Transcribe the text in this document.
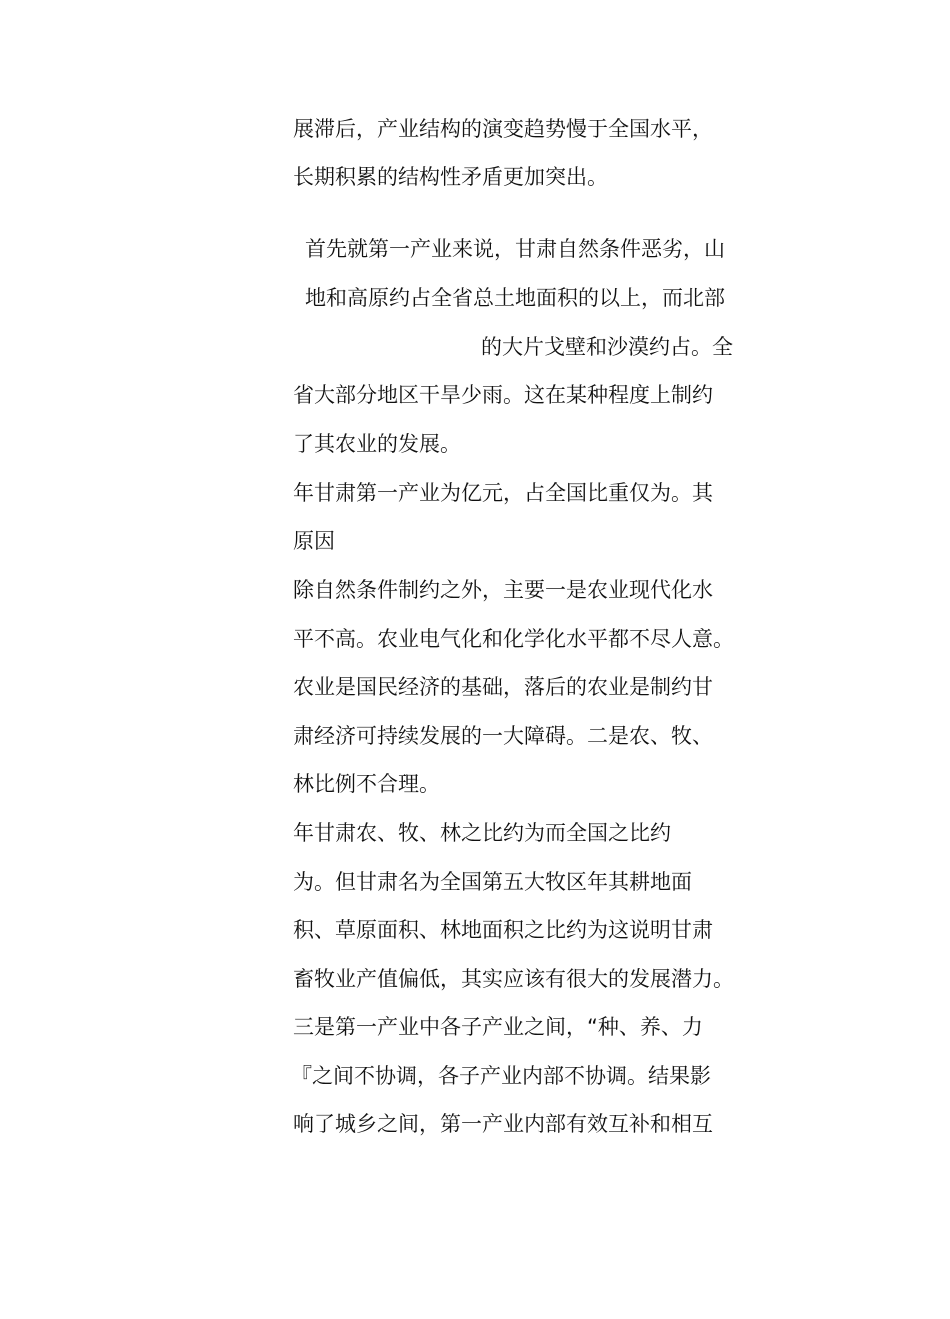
展滞后，产业结构的演变趋势慢于全国水平，
长期积累的结构性矛盾更加突出。
首先就第一产业来说，甘肃自然条件恶劣，山
地和高原约占全省总土地面积的以上，而北部
的大片戈壁和沙漠约占。全
省大部分地区干旱少雨。这在某种程度上制约
了其农业的发展。
年甘肃第一产业为亿元，占全国比重仅为。其
原因
除自然条件制约之外，主要一是农业现代化水
平不高。农业电气化和化学化水平都不尽人意。
农业是国民经济的基础，落后的农业是制约甘
肃经济可持续发展的一大障碍。二是农、牧、
林比例不合理。
年甘肃农、牧、林之比约为而全国之比约
为。但甘肃名为全国第五大牧区年其耕地面
积、草原面积、林地面积之比约为这说明甘肃
畜牧业产值偏低，其实应该有很大的发展潜力。
三是第一产业中各子产业之间，“种、养、力
『之间不协调，各子产业内部不协调。结果影
响了城乡之间，第一产业内部有效互补和相互
